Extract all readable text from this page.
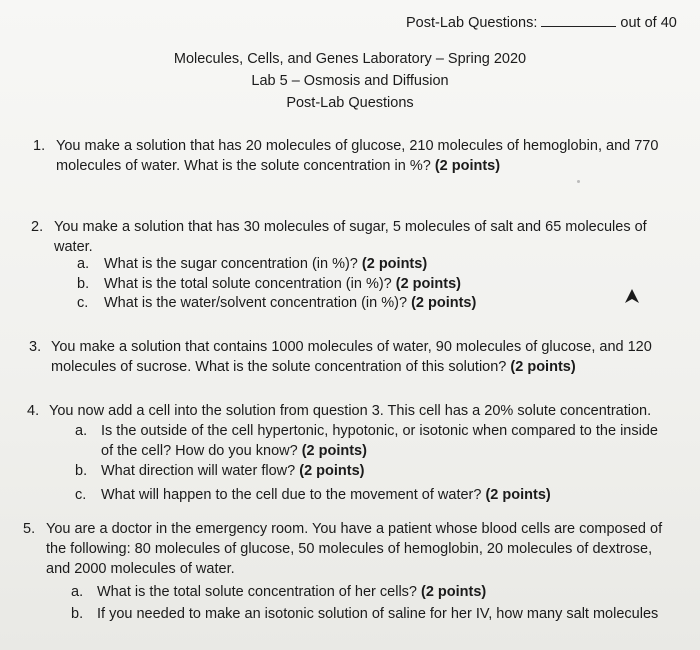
Post-Lab Questions:	out of 40
Molecules, Cells, and Genes Laboratory – Spring 2020
Lab 5 – Osmosis and Diffusion
Post-Lab Questions
1. You make a solution that has 20 molecules of glucose, 210 molecules of hemoglobin, and 770
molecules of water. What is the solute concentration in %? (2 points)
2. You make a solution that has 30 molecules of sugar, 5 molecules of salt and 65 molecules of
water.
a.	What is the sugar concentration (in %)? (2 points)
b.	What is the total solute concentration (in %)? (2 points)
c.	What is the water/solvent concentration (in %)? (2 points)
3. You make a solution that contains 1000 molecules of water, 90 molecules of glucose, and 120
molecules of sucrose. What is the solute concentration of this solution? (2 points)
4. You now add a cell into the solution from question 3. This cell has a 20% solute concentration.
a. Is the outside of the cell hypertonic, hypotonic, or isotonic when compared to the inside
of the cell? How do you know? (2 points)
b. What direction will water flow? (2 points)
c.	What will happen to the cell due to the movement of water? (2 points)
5. You are a doctor in the emergency room. You have a patient whose blood cells are composed of
the following: 80 molecules of glucose, 50 molecules of hemoglobin, 20 molecules of dextrose,
and 2000 molecules of water.
a. What is the total solute concentration of her cells? (2 points)
b. If you needed to make an isotonic solution of saline for her IV, how many salt molecules
